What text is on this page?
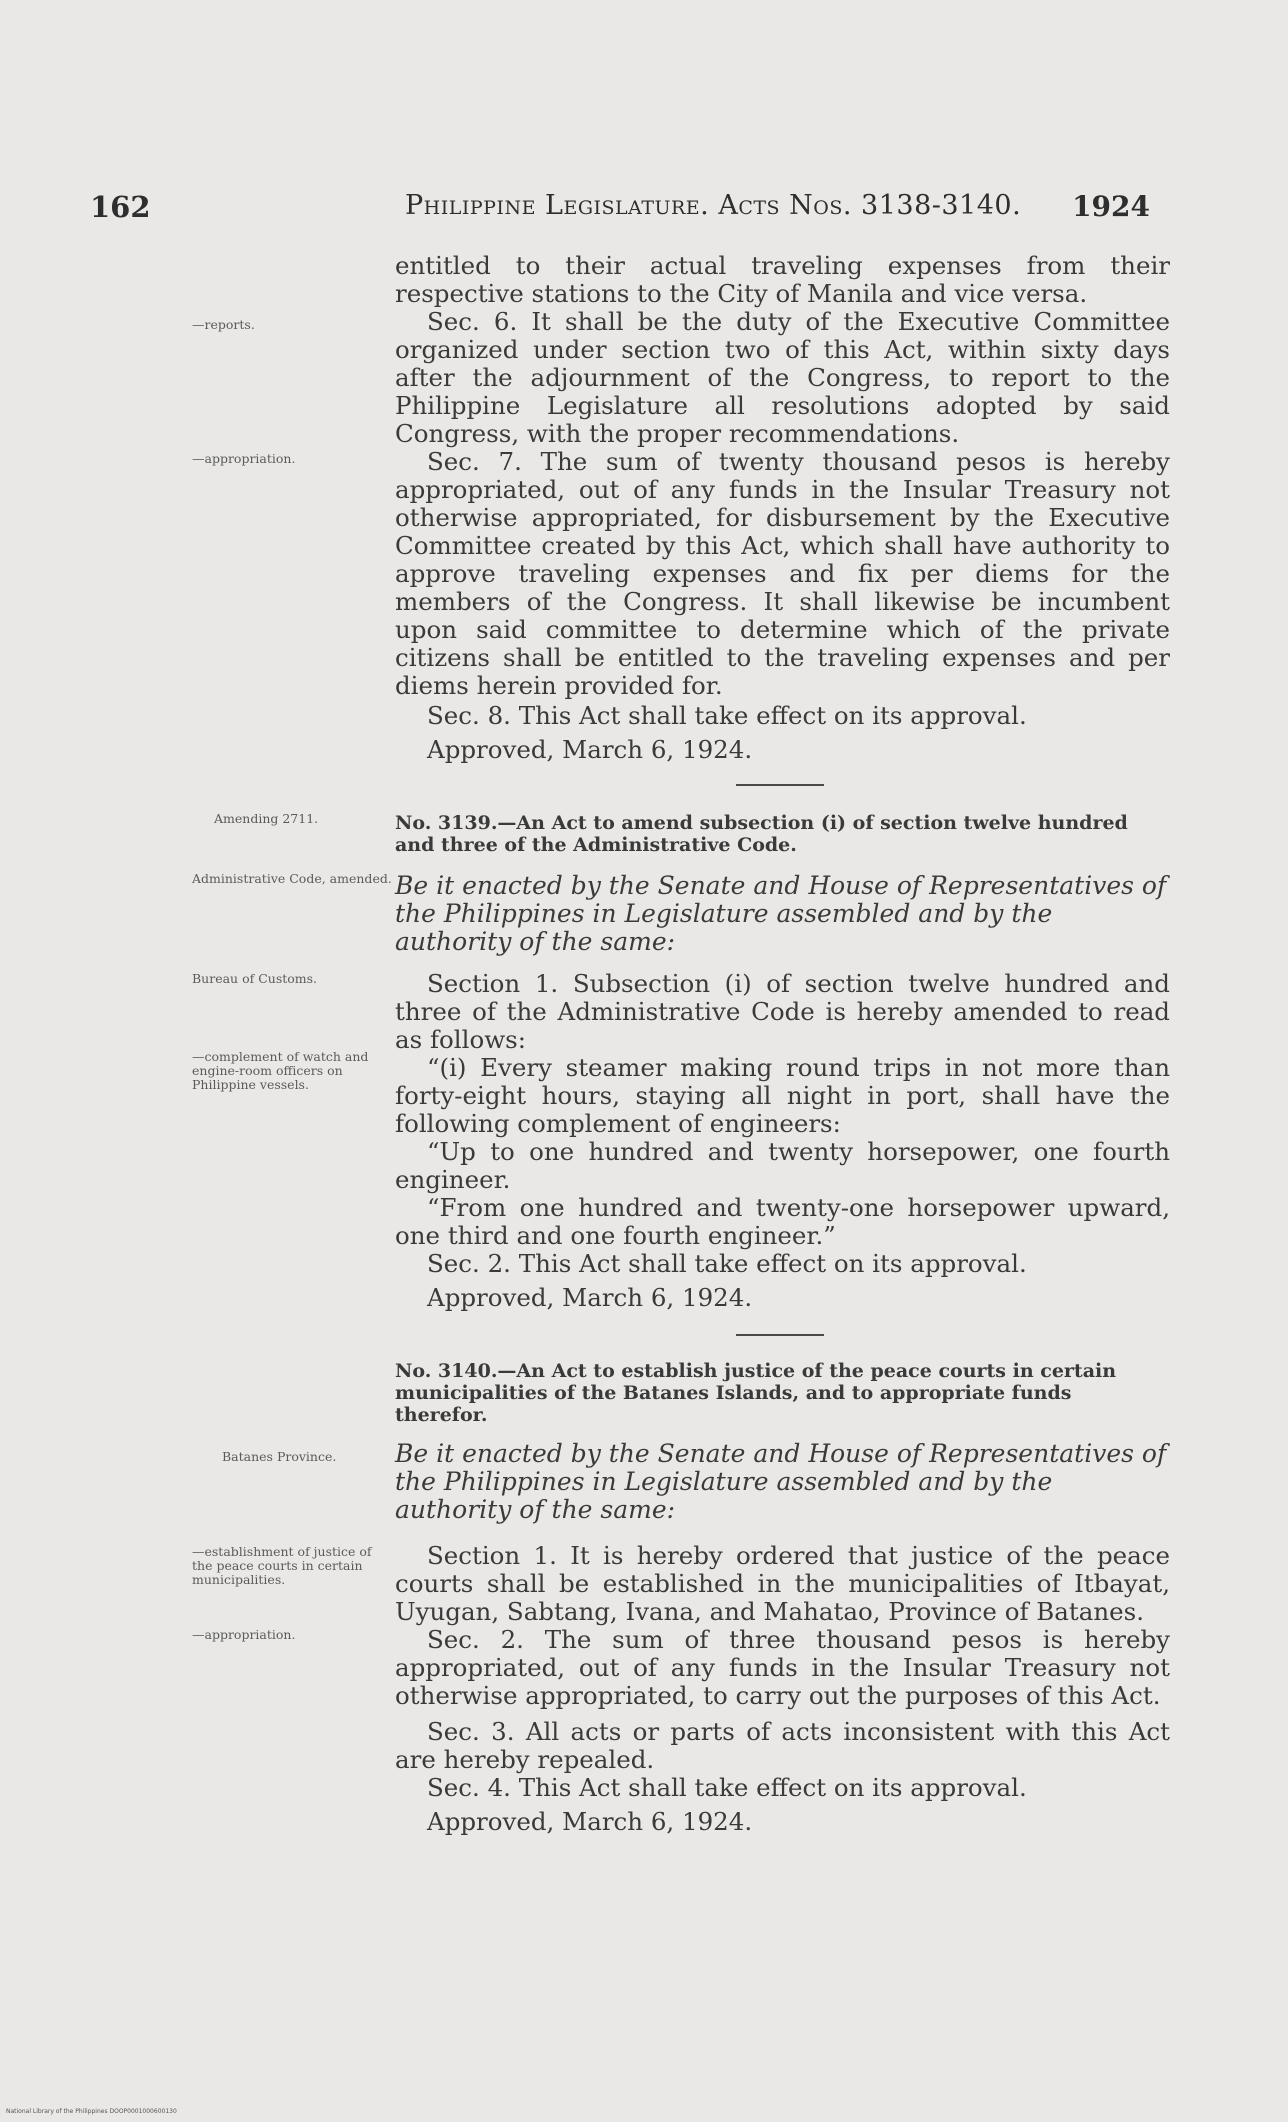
162	Philippine Legislature. Acts Nos. 3138-3140. 1924

entitled to their actual traveling expenses from their respective stations to the City of Manila and vice versa.

Sec. 6. It shall be the duty of the Executive Committee organized under section two of this Act, within sixty days after the adjournment of the Congress, to report to the Philippine Legislature all resolutions adopted by said Congress, with the proper recommendations.

Sec. 7. The sum of twenty thousand pesos is hereby appropriated, out of any funds in the Insular Treasury not otherwise appropriated, for disbursement by the Executive Committee created by this Act, which shall have authority to approve traveling expenses and fix per diems for the members of the Congress. It shall likewise be incumbent upon said committee to determine which of the private citizens shall be entitled to the traveling expenses and per diems herein provided for.

Sec. 8. This Act shall take effect on its approval.

Approved, March 6, 1924.

—reports.
—appropriation.
Amending 2711.	No. 3139.—An Act to amend subsection (i) of section twelve hundred and three of the Administrative Code.

Administrative Code, amended. Be it enacted by the Senate and House of Representatives of the Philippines in Legislature assembled and by the authority of the same:

Bureau of Customs.
—complement of watch and engine-room officers on Philippine vessels.

Section 1. Subsection (i) of section twelve hundred and three of the Administrative Code is hereby amended to read as follows:

“(i) Every steamer making round trips in not more than forty-eight hours, staying all night in port, shall have the following complement of engineers:

“Up to one hundred and twenty horsepower, one fourth engineer.

“From one hundred and twenty-one horsepower upward, one third and one fourth engineer.”

Sec. 2. This Act shall take effect on its approval.

Approved, March 6, 1924.

No. 3140.—An Act to establish justice of the peace courts in certain municipalities of the Batanes Islands, and to appropriate funds therefor.

Batanes Province.	Be it enacted by the Senate and House of Representatives of the Philippines in Legislature assembled and by the authority of the same:

—establishment of justice of the peace courts in certain municipalities.
—appropriation.

Section 1. It is hereby ordered that justice of the peace courts shall be established in the municipalities of Itbayat, Uyugan, Sabtang, Ivana, and Mahatao, Province of Batanes.

Sec. 2. The sum of three thousand pesos is hereby appropriated, out of any funds in the Insular Treasury not otherwise appropriated, to carry out the purposes of this Act.

Sec. 3. All acts or parts of acts inconsistent with this Act are hereby repealed.

Sec. 4. This Act shall take effect on its approval.

Approved, March 6, 1924.

National Library of the Philippines DOOP0001000600130
